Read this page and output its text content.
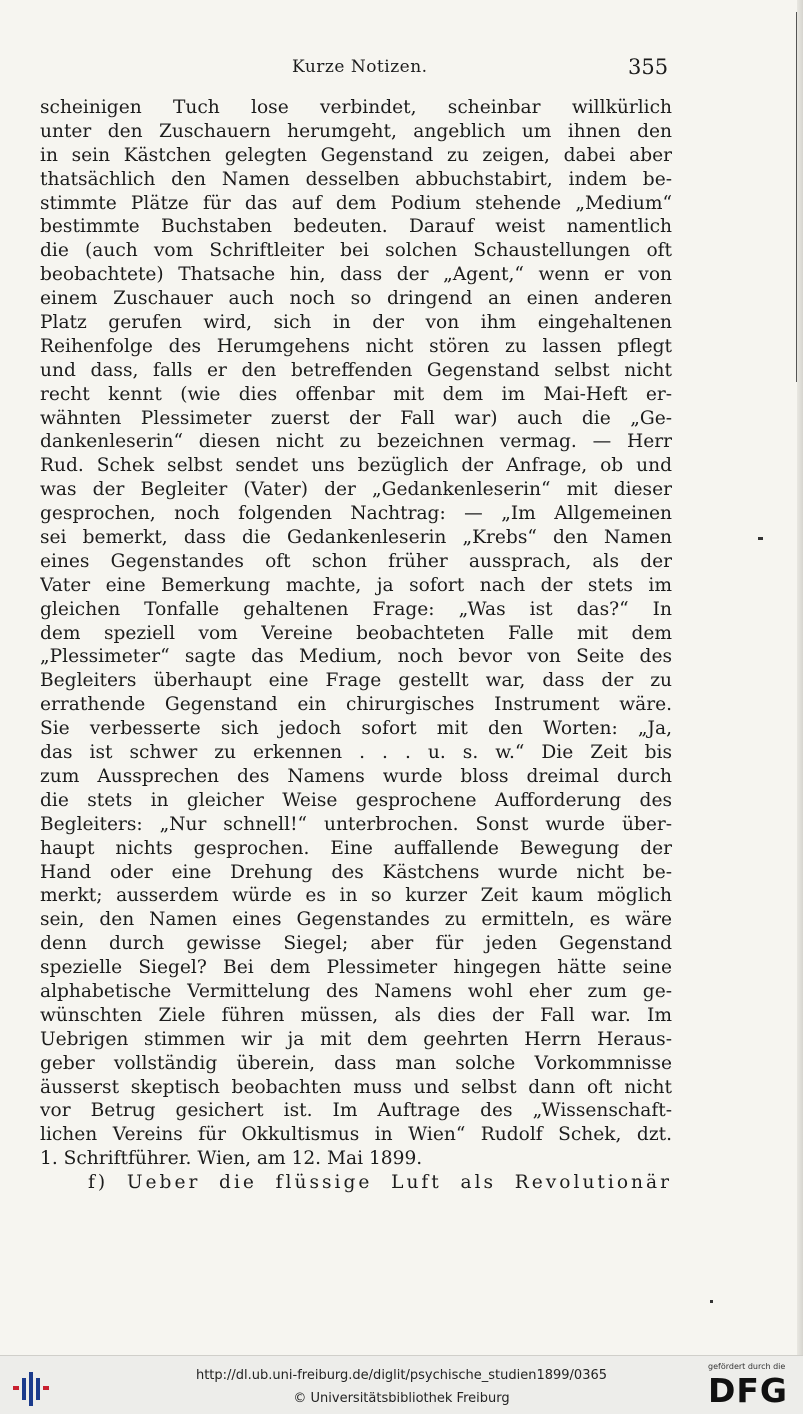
Kurze Notizen.	355
scheinigen Tuch lose verbindet, scheinbar willkürlich
unter den Zuschauern herumgeht, angeblich um ihnen den
in sein Kästchen gelegten Gegenstand zu zeigen, dabei aber
thatsächlich den Namen desselben abbuchstabirt, indem be-
stimmte Plätze für das auf dem Podium stehende „Medium“
bestimmte Buchstaben bedeuten. Darauf weist namentlich
die (auch vom Schriftleiter bei solchen Schaustellungen oft
beobachtete) Thatsache hin, dass der „Agent,“ wenn er von
einem Zuschauer auch noch so dringend an einen anderen
Platz gerufen wird, sich in der von ihm eingehaltenen
Reihenfolge des Herumgehens nicht stören zu lassen pflegt
und dass, falls er den betreffenden Gegenstand selbst nicht
recht kennt (wie dies offenbar mit dem im Mai-Heft er-
wähnten Plessimeter zuerst der Fall war) auch die „Ge-
dankenleserin“ diesen nicht zu bezeichnen vermag. — Herr
Rud. Schek selbst sendet uns bezüglich der Anfrage, ob und
was der Begleiter (Vater) der „Gedankenleserin“ mit dieser
gesprochen, noch folgenden Nachtrag: — „Im Allgemeinen
sei bemerkt, dass die Gedankenleserin „Krebs“ den Namen
eines Gegenstandes oft schon früher aussprach, als der
Vater eine Bemerkung machte, ja sofort nach der stets im
gleichen Tonfalle gehaltenen Frage: „Was ist das?“ In
dem speziell vom Vereine beobachteten Falle mit dem
„Plessimeter“ sagte das Medium, noch bevor von Seite des
Begleiters überhaupt eine Frage gestellt war, dass der zu
errathende Gegenstand ein chirurgisches Instrument wäre.
Sie verbesserte sich jedoch sofort mit den Worten: „Ja,
das ist schwer zu erkennen . . . u. s. w.“ Die Zeit bis
zum Aussprechen des Namens wurde bloss dreimal durch
die stets in gleicher Weise gesprochene Aufforderung des
Begleiters: „Nur schnell!“ unterbrochen. Sonst wurde über-
haupt nichts gesprochen. Eine auffallende Bewegung der
Hand oder eine Drehung des Kästchens wurde nicht be-
merkt; ausserdem würde es in so kurzer Zeit kaum möglich
sein, den Namen eines Gegenstandes zu ermitteln, es wäre
denn durch gewisse Siegel; aber für jeden Gegenstand
spezielle Siegel? Bei dem Plessimeter hingegen hätte seine
alphabetische Vermittelung des Namens wohl eher zum ge-
wünschten Ziele führen müssen, als dies der Fall war. Im
Uebrigen stimmen wir ja mit dem geehrten Herrn Heraus-
geber vollständig überein, dass man solche Vorkommnisse
äusserst skeptisch beobachten muss und selbst dann oft nicht
vor Betrug gesichert ist. Im Auftrage des „Wissenschaft-
lichen Vereins für Okkultismus in Wien“ Rudolf Schek, dzt.
1. Schriftführer. Wien, am 12. Mai 1899.
f) Ueber die flüssige Luft als Revolutionär
http://dl.ub.uni-freiburg.de/diglit/psychische_studien1899/0365
© Universitätsbibliothek Freiburg
gefördert durch die
DFG
